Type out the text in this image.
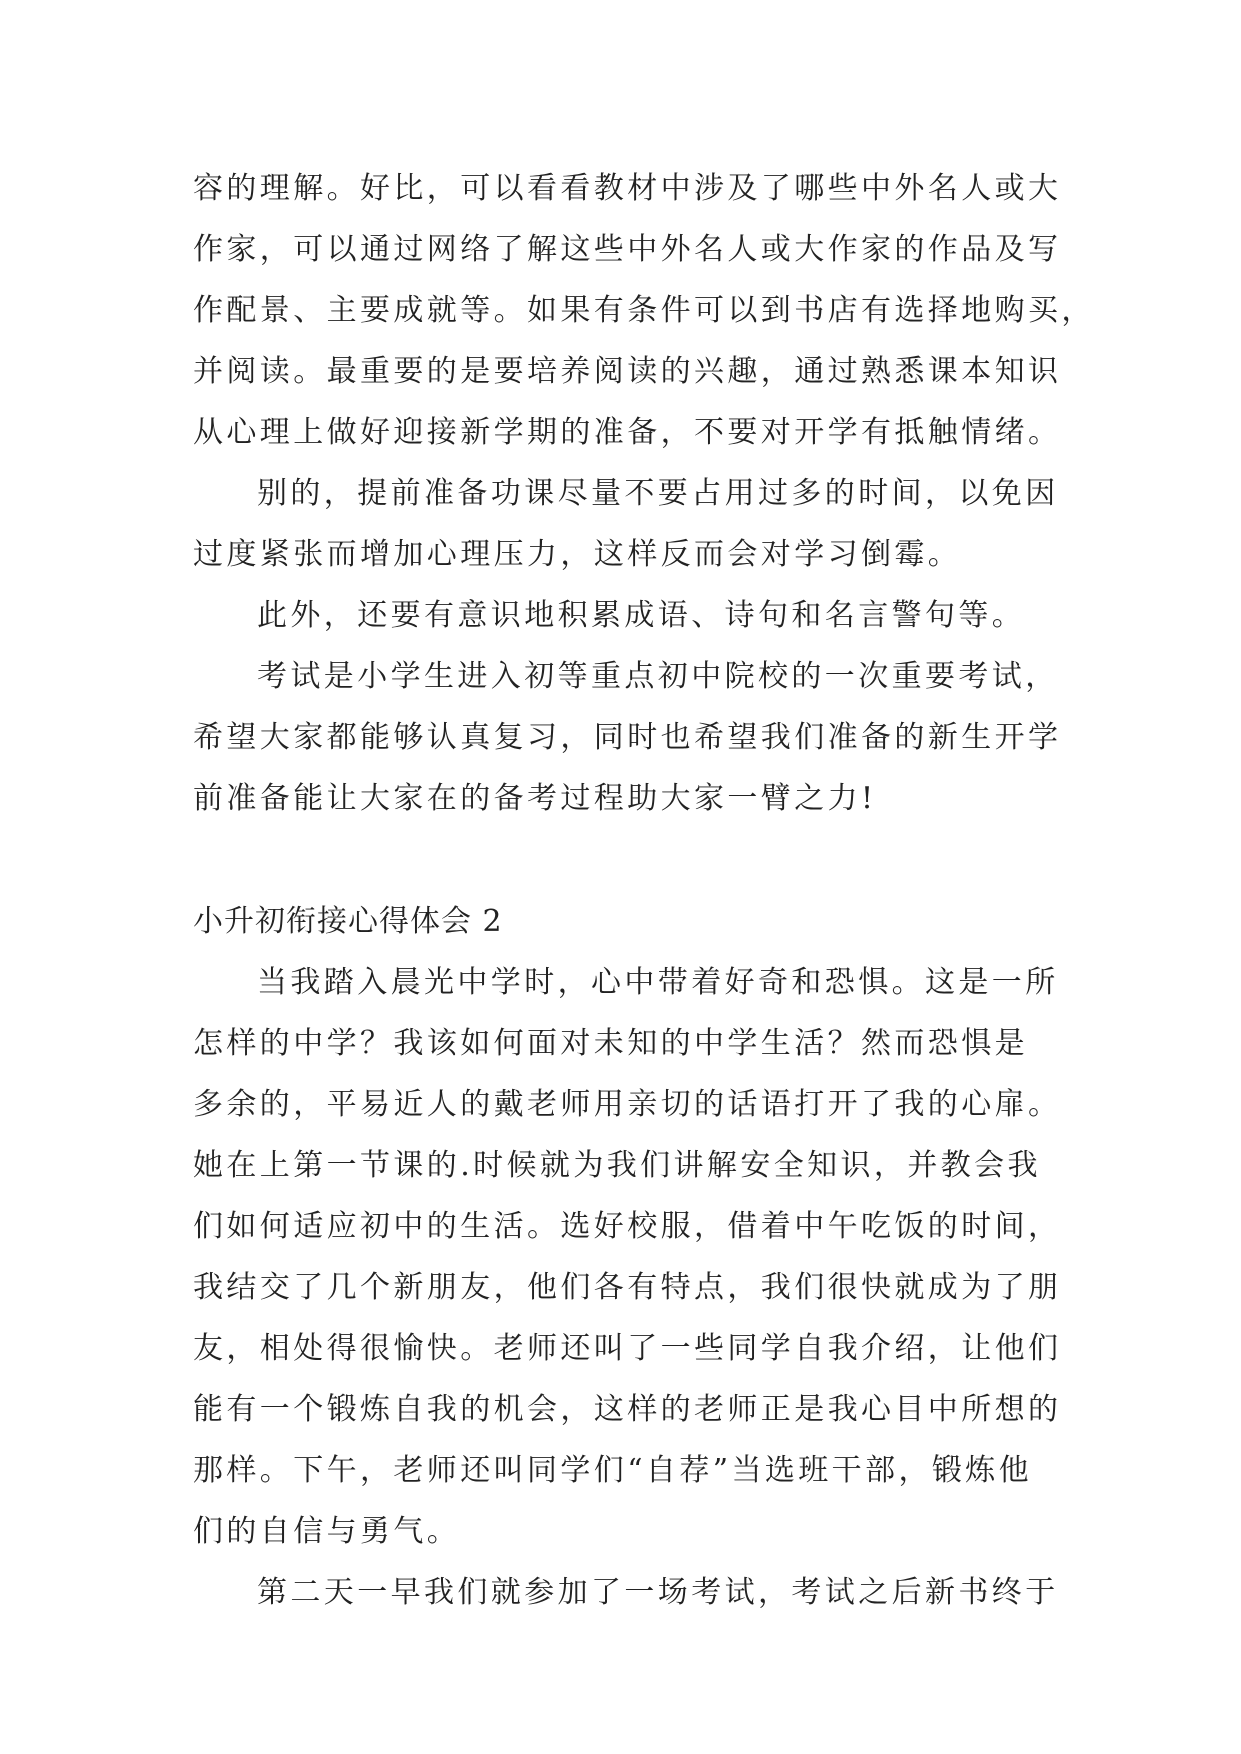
容的理解。好比，可以看看教材中涉及了哪些中外名人或大
作家，可以通过网络了解这些中外名人或大作家的作品及写
作配景、主要成就等。如果有条件可以到书店有选择地购买，
并阅读。最重要的是要培养阅读的兴趣，通过熟悉课本知识
从心理上做好迎接新学期的准备，不要对开学有抵触情绪。
别的，提前准备功课尽量不要占用过多的时间，以免因
过度紧张而增加心理压力，这样反而会对学习倒霉。
此外，还要有意识地积累成语、诗句和名言警句等。
考试是小学生进入初等重点初中院校的一次重要考试，
希望大家都能够认真复习，同时也希望我们准备的新生开学
前准备能让大家在的备考过程助大家一臂之力!
小升初衔接心得体会 2
当我踏入晨光中学时，心中带着好奇和恐惧。这是一所
怎样的中学？我该如何面对未知的中学生活？然而恐惧是
多余的，平易近人的戴老师用亲切的话语打开了我的心扉。
她在上第一节课的.时候就为我们讲解安全知识，并教会我
们如何适应初中的生活。选好校服，借着中午吃饭的时间，
我结交了几个新朋友，他们各有特点，我们很快就成为了朋
友，相处得很愉快。老师还叫了一些同学自我介绍，让他们
能有一个锻炼自我的机会，这样的老师正是我心目中所想的
那样。下午，老师还叫同学们“自荐”当选班干部，锻炼他
们的自信与勇气。
第二天一早我们就参加了一场考试，考试之后新书终于
